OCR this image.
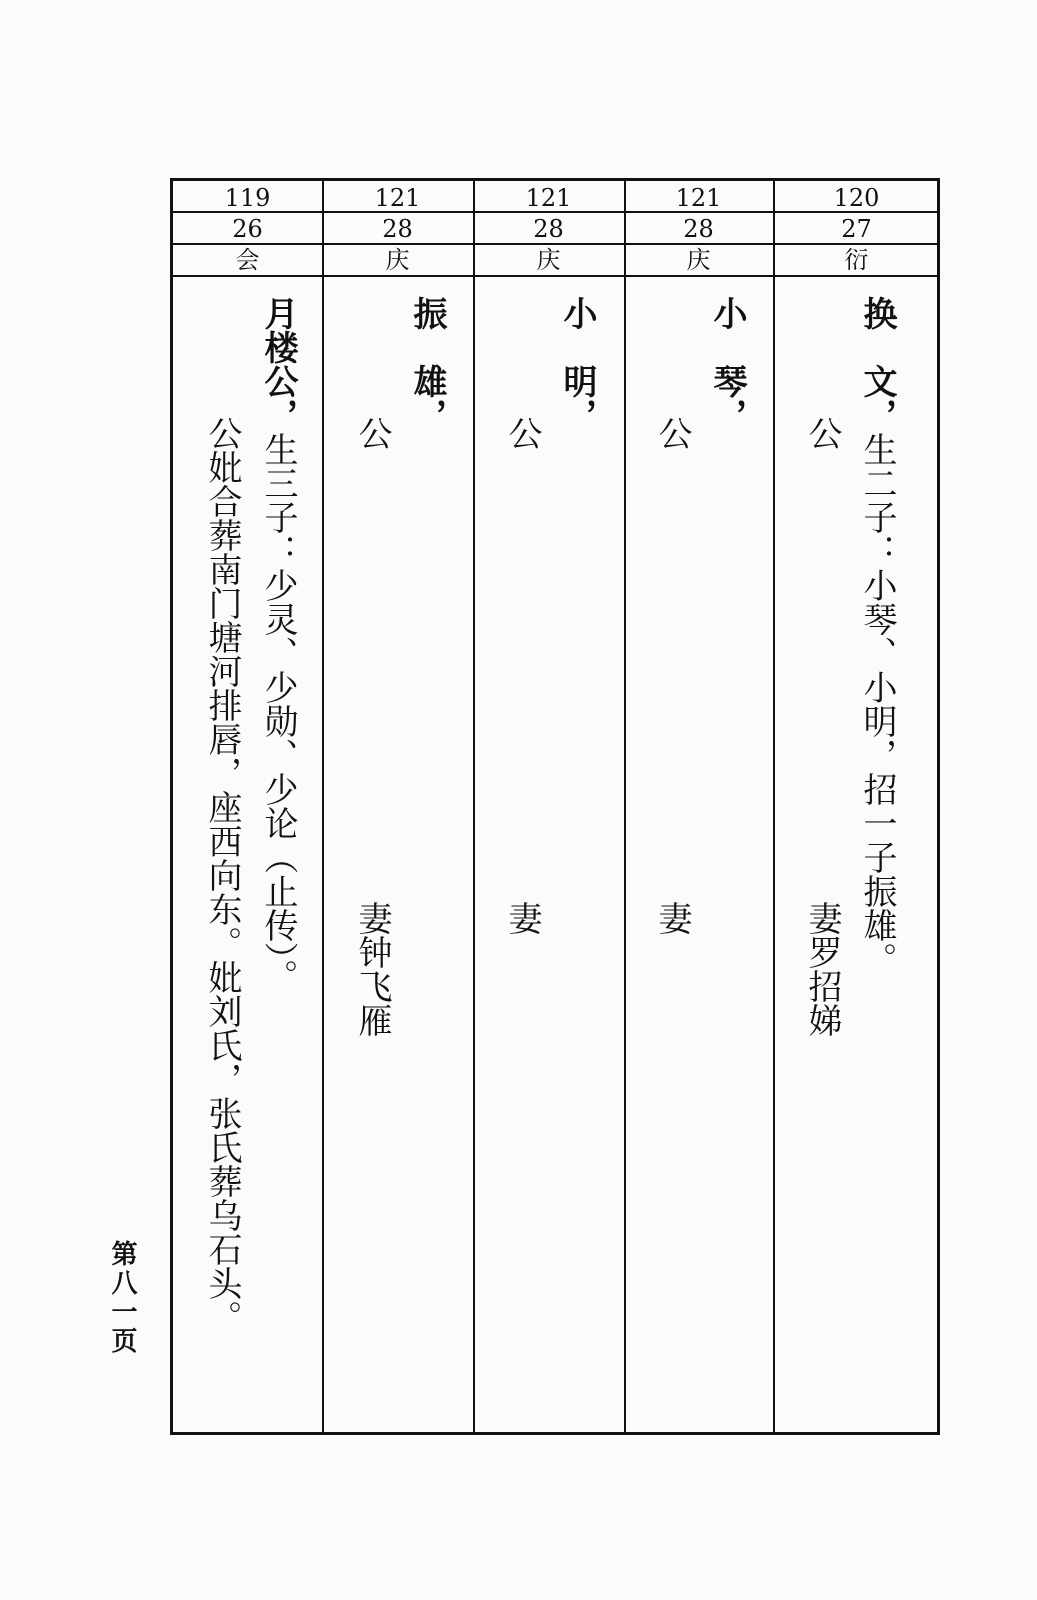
120
27
衍
121
28
庆
121
28
庆
121
28
庆
119
26
会
换　文，生二子：小琴、小明，招一子振雄。
公
妻罗招娣
小　琴，
公
妻
小　明，
公
妻
振　雄，
公
妻钟飞雁
月楼公，生三子：少灵、少勋、少论（止传）。
公妣合葬南门塘河排唇，座西向东。妣刘氏，张氏葬乌石头。
第八一页
